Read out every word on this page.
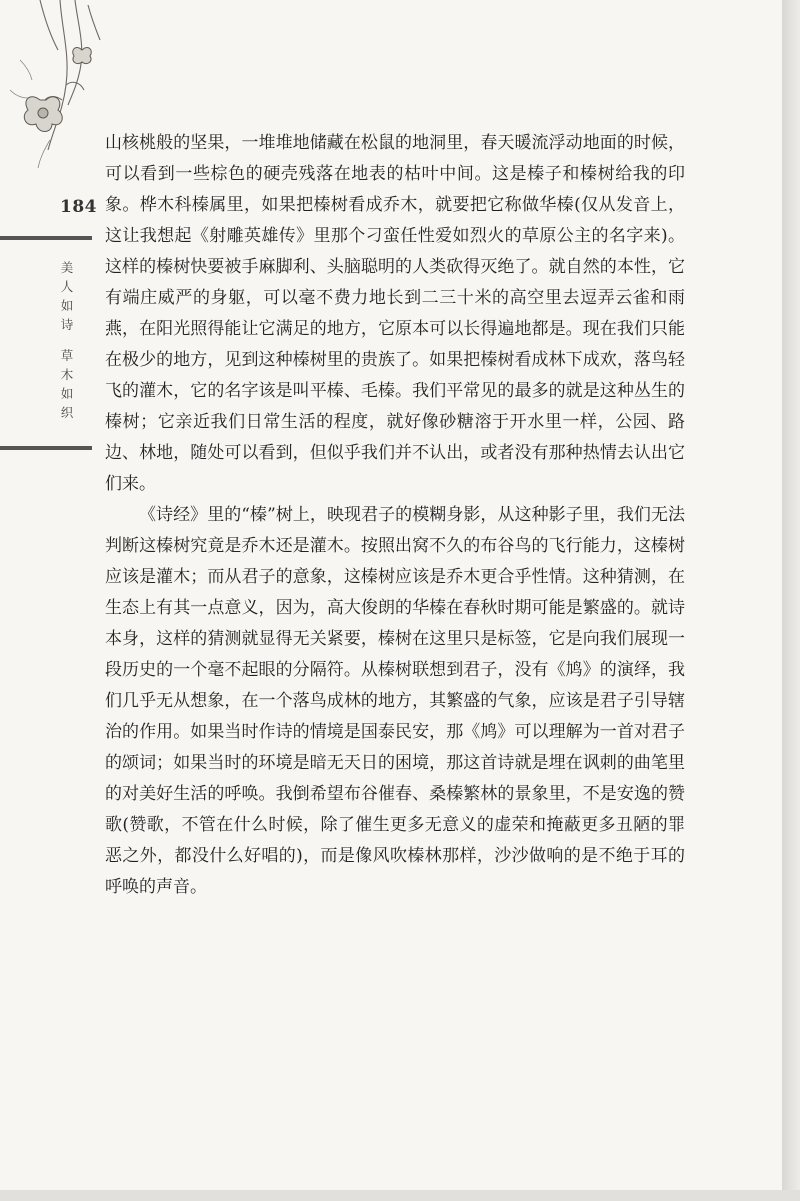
184
美人如诗
草木如织

山核桃般的坚果，一堆堆地储藏在松鼠的地洞里，春天暖流浮动地面的时候，可以看到一些棕色的硬壳残落在地表的枯叶中间。这是榛子和榛树给我的印象。桦木科榛属里，如果把榛树看成乔木，就要把它称做华榛(仅从发音上，这让我想起《射雕英雄传》里那个刁蛮任性爱如烈火的草原公主的名字来)。这样的榛树快要被手麻脚利、头脑聪明的人类砍得灭绝了。就自然的本性，它有端庄威严的身躯，可以毫不费力地长到二三十米的高空里去逗弄云雀和雨燕，在阳光照得能让它满足的地方，它原本可以长得遍地都是。现在我们只能在极少的地方，见到这种榛树里的贵族了。如果把榛树看成林下成欢，落鸟轻飞的灌木，它的名字该是叫平榛、毛榛。我们平常见的最多的就是这种丛生的榛树；它亲近我们日常生活的程度，就好像砂糖溶于开水里一样，公园、路边、林地，随处可以看到，但似乎我们并不认出，或者没有那种热情去认出它们来。

《诗经》里的“榛”树上，映现君子的模糊身影，从这种影子里，我们无法判断这榛树究竟是乔木还是灌木。按照出窝不久的布谷鸟的飞行能力，这榛树应该是灌木；而从君子的意象，这榛树应该是乔木更合乎性情。这种猜测，在生态上有其一点意义，因为，高大俊朗的华榛在春秋时期可能是繁盛的。就诗本身，这样的猜测就显得无关紧要，榛树在这里只是标签，它是向我们展现一段历史的一个毫不起眼的分隔符。从榛树联想到君子，没有《鸠》的演绎，我们几乎无从想象，在一个落鸟成林的地方，其繁盛的气象，应该是君子引导辖治的作用。如果当时作诗的情境是国泰民安，那《鸠》可以理解为一首对君子的颂词；如果当时的环境是暗无天日的困境，那这首诗就是埋在讽刺的曲笔里的对美好生活的呼唤。我倒希望布谷催春、桑榛繁林的景象里，不是安逸的赞歌(赞歌，不管在什么时候，除了催生更多无意义的虚荣和掩蔽更多丑陋的罪恶之外，都没什么好唱的)，而是像风吹榛林那样，沙沙做响的是不绝于耳的呼唤的声音。
